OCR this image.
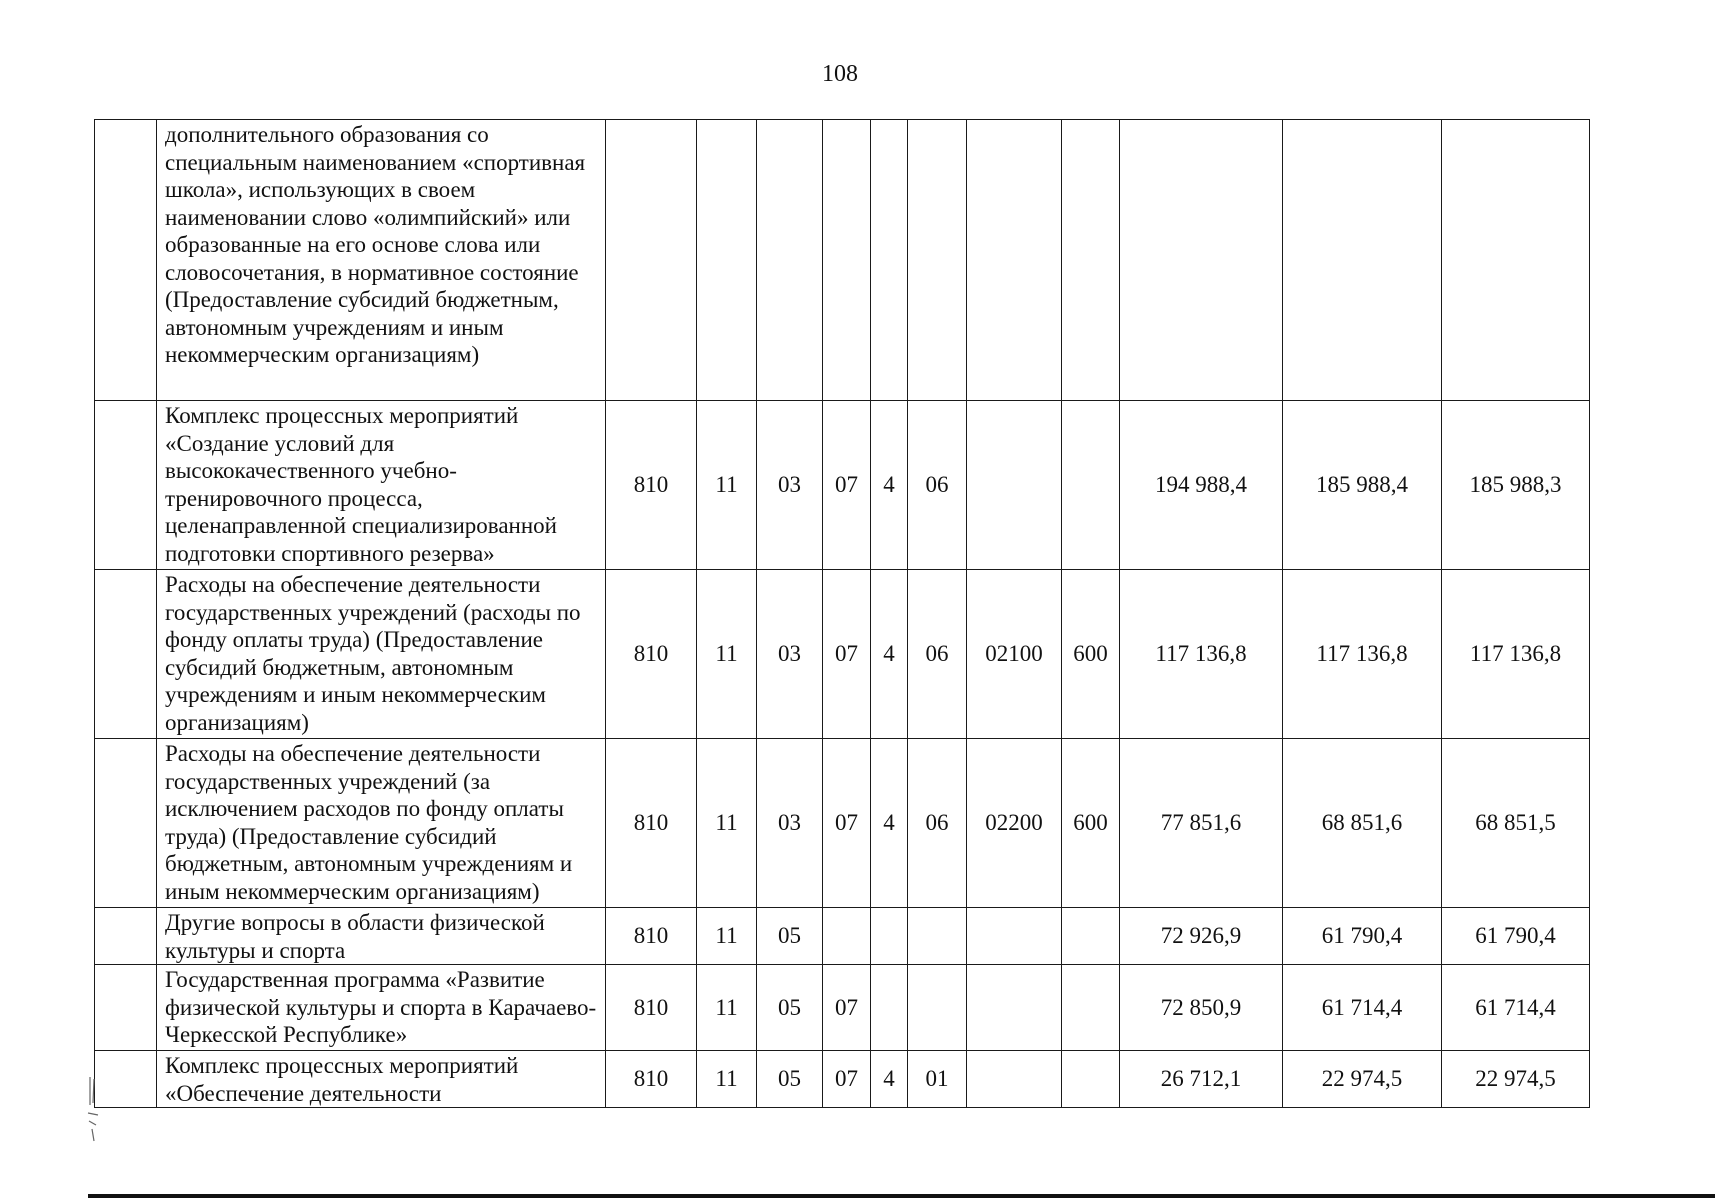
108
	дополнительного образования со специальным наименованием «спортивная школа», использующих в своем наименовании слово «олимпийский» или образованные на его основе слова или словосочетания, в нормативное состояние (Предоставление субсидий бюджетным, автономным учреждениям и иным некоммерческим организациям)											
	Комплекс процессных мероприятий «Создание условий для высококачественного учебно-тренировочного процесса, целенаправленной специализированной подготовки спортивного резерва»	810	11	03	07	4	06			194 988,4	185 988,4	185 988,3
	Расходы на обеспечение деятельности государственных учреждений (расходы по фонду оплаты труда) (Предоставление субсидий бюджетным, автономным учреждениям и иным некоммерческим организациям)	810	11	03	07	4	06	02100	600	117 136,8	117 136,8	117 136,8
	Расходы на обеспечение деятельности государственных учреждений (за исключением расходов по фонду оплаты труда) (Предоставление субсидий бюджетным, автономным учреждениям и иным некоммерческим организациям)	810	11	03	07	4	06	02200	600	77 851,6	68 851,6	68 851,5
	Другие вопросы в области физической культуры и спорта	810	11	05						72 926,9	61 790,4	61 790,4
	Государственная программа «Развитие физической культуры и спорта в Карачаево-Черкесской Республике»	810	11	05	07					72 850,9	61 714,4	61 714,4
	Комплекс процессных мероприятий «Обеспечение деятельности	810	11	05	07	4	01			26 712,1	22 974,5	22 974,5
